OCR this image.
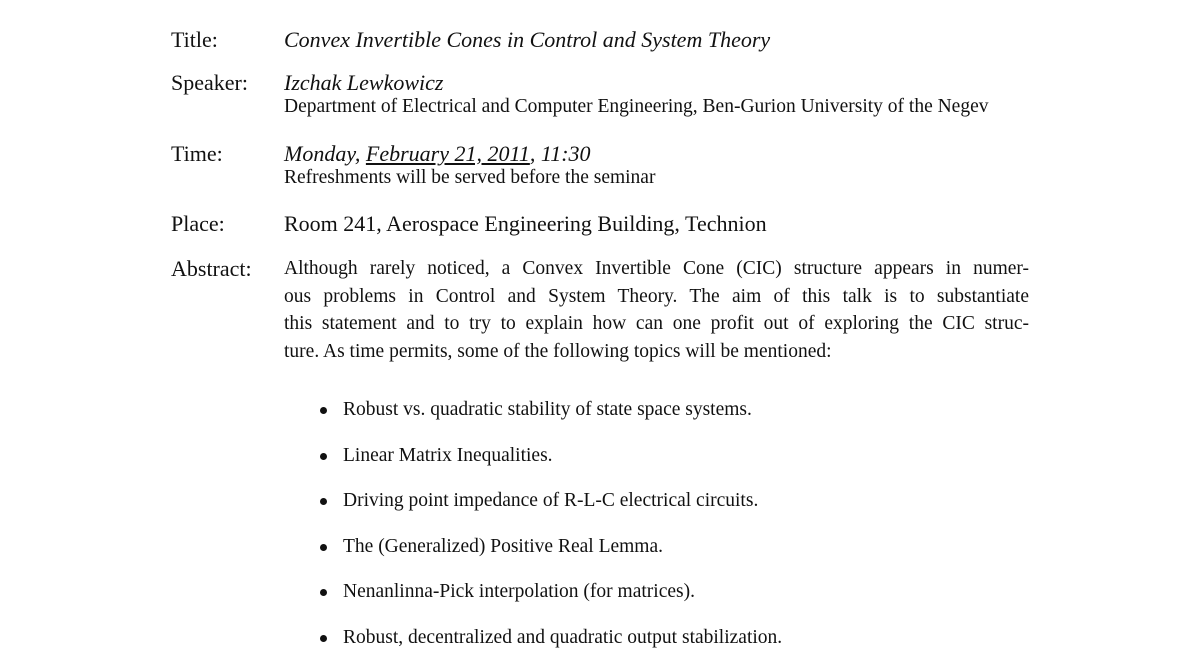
Title:	Convex Invertible Cones in Control and System Theory
Speaker: Izchak Lewkowicz
Department of Electrical and Computer Engineering, Ben-Gurion University of the Negev
Time:	Monday, February 21, 2011, 11:30
Refreshments will be served before the seminar
Place:	Room 241, Aerospace Engineering Building, Technion
Abstract: Although rarely noticed, a Convex Invertible Cone (CIC) structure appears in numer-
ous problems in Control and System Theory. The aim of this talk is to substantiate
this statement and to try to explain how can one profit out of exploring the CIC struc-
ture. As time permits, some of the following topics will be mentioned:
Robust vs. quadratic stability of state space systems.
Linear Matrix Inequalities.
Driving point impedance of R-L-C electrical circuits.
The (Generalized) Positive Real Lemma.
Nenanlinna-Pick interpolation (for matrices).
Robust, decentralized and quadratic output stabilization.
